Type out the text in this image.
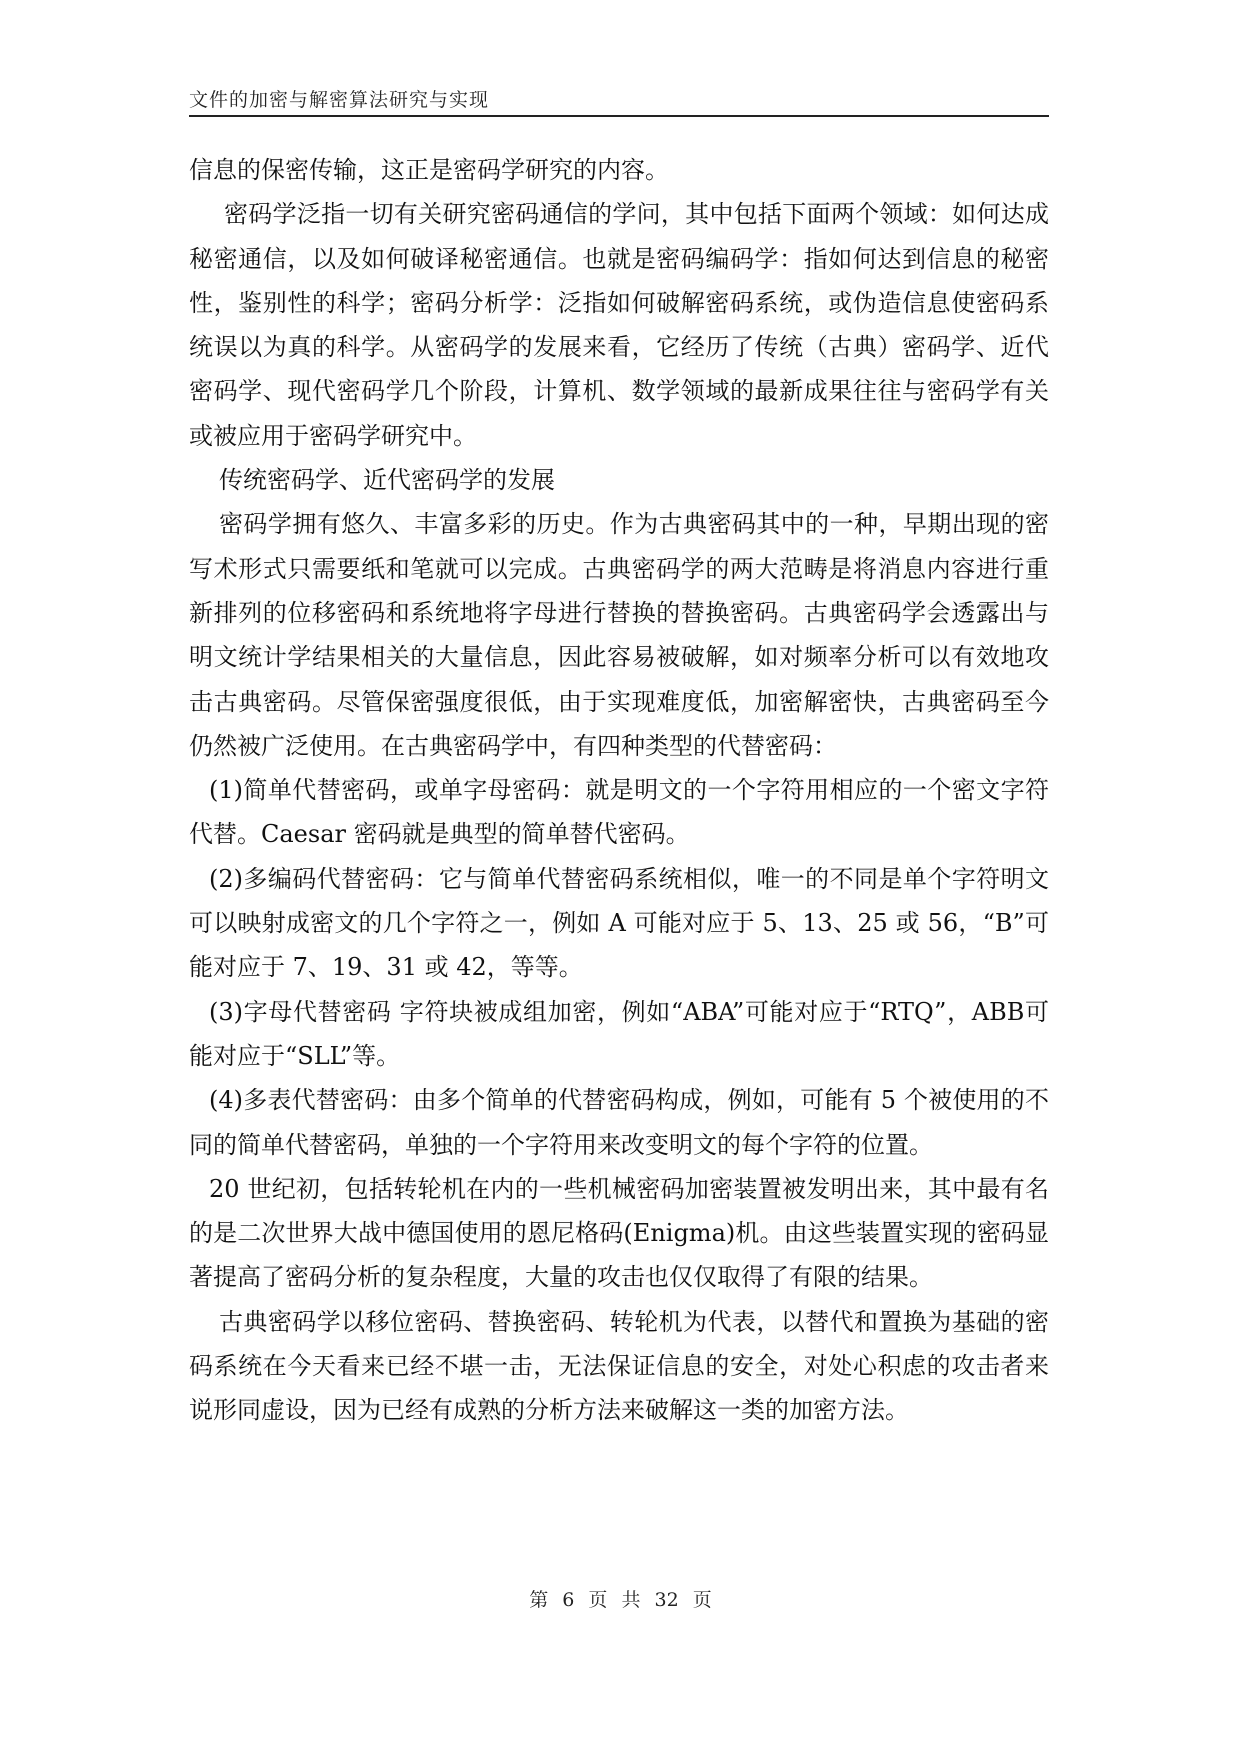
文件的加密与解密算法研究与实现

信息的保密传输，这正是密码学研究的内容。

密码学泛指一切有关研究密码通信的学问，其中包括下面两个领域：如何达成秘密通信，以及如何破译秘密通信。也就是密码编码学：指如何达到信息的秘密性，鉴别性的科学；密码分析学：泛指如何破解密码系统，或伪造信息使密码系统误以为真的科学。从密码学的发展来看，它经历了传统（古典）密码学、近代密码学、现代密码学几个阶段，计算机、数学领域的最新成果往往与密码学有关或被应用于密码学研究中。

传统密码学、近代密码学的发展

密码学拥有悠久、丰富多彩的历史。作为古典密码其中的一种，早期出现的密写术形式只需要纸和笔就可以完成。古典密码学的两大范畴是将消息内容进行重新排列的位移密码和系统地将字母进行替换的替换密码。古典密码学会透露出与明文统计学结果相关的大量信息，因此容易被破解，如对频率分析可以有效地攻击古典密码。尽管保密强度很低，由于实现难度低，加密解密快，古典密码至今仍然被广泛使用。在古典密码学中，有四种类型的代替密码：

(1)简单代替密码，或单字母密码：就是明文的一个字符用相应的一个密文字符代替。Caesar 密码就是典型的简单替代密码。

(2)多编码代替密码：它与简单代替密码系统相似，唯一的不同是单个字符明文可以映射成密文的几个字符之一，例如 A 可能对应于 5、13、25 或 56，“B”可能对应于 7、19、31 或 42，等等。

(3)字母代替密码 字符块被成组加密，例如“ABA”可能对应于“RTQ”，ABB可能对应于“SLL”等。

(4)多表代替密码：由多个简单的代替密码构成，例如，可能有 5 个被使用的不同的简单代替密码，单独的一个字符用来改变明文的每个字符的位置。

20 世纪初，包括转轮机在内的一些机械密码加密装置被发明出来，其中最有名的是二次世界大战中德国使用的恩尼格码(Enigma)机。由这些装置实现的密码显著提高了密码分析的复杂程度，大量的攻击也仅仅取得了有限的结果。

古典密码学以移位密码、替换密码、转轮机为代表，以替代和置换为基础的密码系统在今天看来已经不堪一击，无法保证信息的安全，对处心积虑的攻击者来说形同虚设，因为已经有成熟的分析方法来破解这一类的加密方法。

第 6 页 共 32 页
